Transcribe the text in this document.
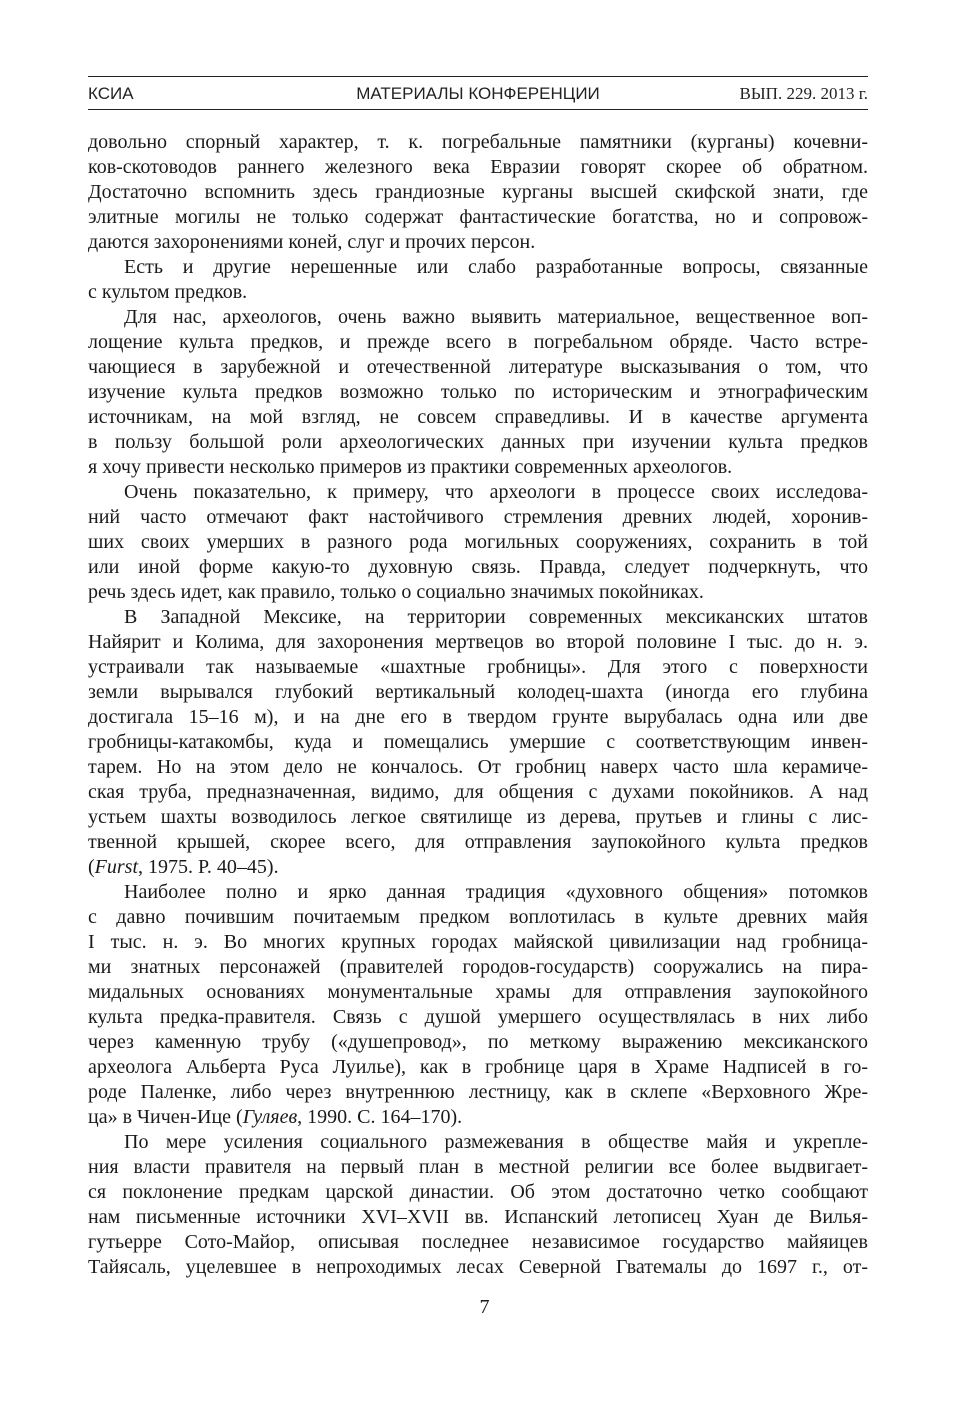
КСИА	МАТЕРИАЛЫ КОНФЕРЕНЦИИ	ВЫП. 229. 2013 г.
довольно спорный характер, т. к. погребальные памятники (курганы) кочевни-
ков-скотоводов раннего железного века Евразии говорят скорее об обратном.
Достаточно вспомнить здесь грандиозные курганы высшей скифской знати, где
элитные могилы не только содержат фантастические богатства, но и сопровож-
даются захоронениями коней, слуг и прочих персон.
Есть и другие нерешенные или слабо разработанные вопросы, связанные
с культом предков.
Для нас, археологов, очень важно выявить материальное, вещественное воп-
лощение культа предков, и прежде всего в погребальном обряде. Часто встре-
чающиеся в зарубежной и отечественной литературе высказывания о том, что
изучение культа предков возможно только по историческим и этнографическим
источникам, на мой взгляд, не совсем справедливы. И в качестве аргумента
в пользу большой роли археологических данных при изучении культа предков
я хочу привести несколько примеров из практики современных археологов.
Очень показательно, к примеру, что археологи в процессе своих исследова-
ний часто отмечают факт настойчивого стремления древних людей, хоронив-
ших своих умерших в разного рода могильных сооружениях, сохранить в той
или иной форме какую-то духовную связь. Правда, следует подчеркнуть, что
речь здесь идет, как правило, только о социально значимых покойниках.
В Западной Мексике, на территории современных мексиканских штатов
Найярит и Колима, для захоронения мертвецов во второй половине I тыс. до н. э.
устраивали так называемые «шахтные гробницы». Для этого с поверхности
земли вырывался глубокий вертикальный колодец-шахта (иногда его глубина
достигала 15–16 м), и на дне его в твердом грунте вырубалась одна или две
гробницы-катакомбы, куда и помещались умершие с соответствующим инвен-
тарем. Но на этом дело не кончалось. От гробниц наверх часто шла керамиче-
ская труба, предназначенная, видимо, для общения с духами покойников. А над
устьем шахты возводилось легкое святилище из дерева, прутьев и глины с лис-
твенной крышей, скорее всего, для отправления заупокойного культа предков
(Furst, 1975. P. 40–45).
Наиболее полно и ярко данная традиция «духовного общения» потомков
с давно почившим почитаемым предком воплотилась в культе древних майя
I тыс. н. э. Во многих крупных городах майяской цивилизации над гробница-
ми знатных персонажей (правителей городов-государств) сооружались на пира-
мидальных основаниях монументальные храмы для отправления заупокойного
культа предка-правителя. Связь с душой умершего осуществлялась в них либо
через каменную трубу («душепровод», по меткому выражению мексиканского
археолога Альберта Руса Луилье), как в гробнице царя в Храме Надписей в го-
роде Паленке, либо через внутреннюю лестницу, как в склепе «Верховного Жре-
ца» в Чичен-Ице (Гуляев, 1990. С. 164–170).
По мере усиления социального размежевания в обществе майя и укрепле-
ния власти правителя на первый план в местной религии все более выдвигает-
ся поклонение предкам царской династии. Об этом достаточно четко сообщают
нам письменные источники XVI–XVII вв. Испанский летописец Хуан де Вилья-
гутьерре Сото-Майор, описывая последнее независимое государство майяицев
Тайясаль, уцелевшее в непроходимых лесах Северной Гватемалы до 1697 г., от-
7
